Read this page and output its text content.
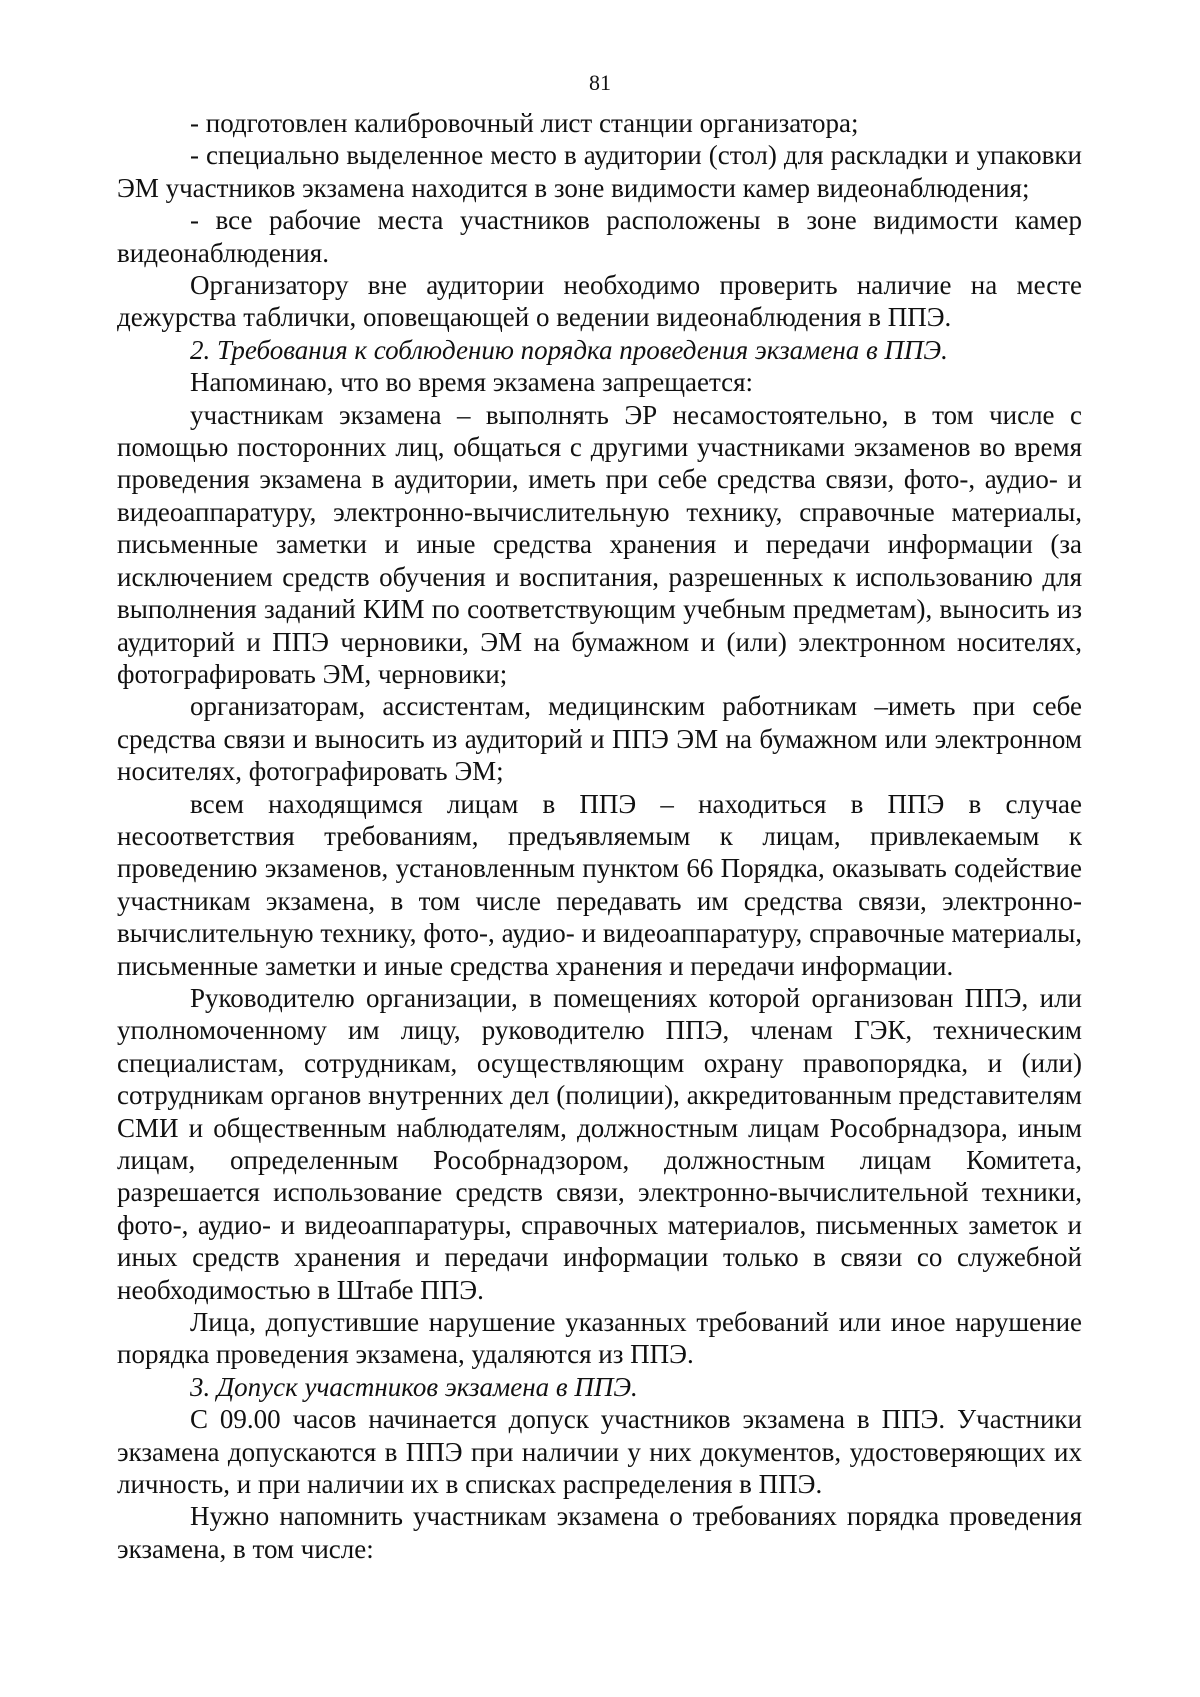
81

- подготовлен калибровочный лист станции организатора;

- специально выделенное место в аудитории (стол) для раскладки и упаковки ЭМ участников экзамена находится в зоне видимости камер видеонаблюдения;

- все рабочие места участников расположены в зоне видимости камер видеонаблюдения.

Организатору вне аудитории необходимо проверить наличие на месте дежурства таблички, оповещающей о ведении видеонаблюдения в ППЭ.

2. Требования к соблюдению порядка проведения экзамена в ППЭ.

Напоминаю, что во время экзамена запрещается:

участникам экзамена – выполнять ЭР несамостоятельно, в том числе с помощью посторонних лиц, общаться с другими участниками экзаменов во время проведения экзамена в аудитории, иметь при себе средства связи, фото-, аудио- и видеоаппаратуру, электронно-вычислительную технику, справочные материалы, письменные заметки и иные средства хранения и передачи информации (за исключением средств обучения и воспитания, разрешенных к использованию для выполнения заданий КИМ по соответствующим учебным предметам), выносить из аудиторий и ППЭ черновики, ЭМ на бумажном и (или) электронном носителях, фотографировать ЭМ, черновики;

организаторам, ассистентам, медицинским работникам –иметь при себе средства связи и выносить из аудиторий и ППЭ ЭМ на бумажном или электронном носителях, фотографировать ЭМ;

всем находящимся лицам в ППЭ – находиться в ППЭ в случае несоответствия требованиям, предъявляемым к лицам, привлекаемым к проведению экзаменов, установленным пунктом 66 Порядка, оказывать содействие участникам экзамена, в том числе передавать им средства связи, электронно-вычислительную технику, фото-, аудио- и видеоаппаратуру, справочные материалы, письменные заметки и иные средства хранения и передачи информации.

Руководителю организации, в помещениях которой организован ППЭ, или уполномоченному им лицу, руководителю ППЭ, членам ГЭК, техническим специалистам, сотрудникам, осуществляющим охрану правопорядка, и (или) сотрудникам органов внутренних дел (полиции), аккредитованным представителям СМИ и общественным наблюдателям, должностным лицам Рособрнадзора, иным лицам, определенным Рособрнадзором, должностным лицам Комитета, разрешается использование средств связи, электронно-вычислительной техники, фото-, аудио- и видеоаппаратуры, справочных материалов, письменных заметок и иных средств хранения и передачи информации только в связи со служебной необходимостью в Штабе ППЭ.

Лица, допустившие нарушение указанных требований или иное нарушение порядка проведения экзамена, удаляются из ППЭ.

3. Допуск участников экзамена в ППЭ.

С 09.00 часов начинается допуск участников экзамена в ППЭ. Участники экзамена допускаются в ППЭ при наличии у них документов, удостоверяющих их личность, и при наличии их в списках распределения в ППЭ.

Нужно напомнить участникам экзамена о требованиях порядка проведения экзамена, в том числе:
